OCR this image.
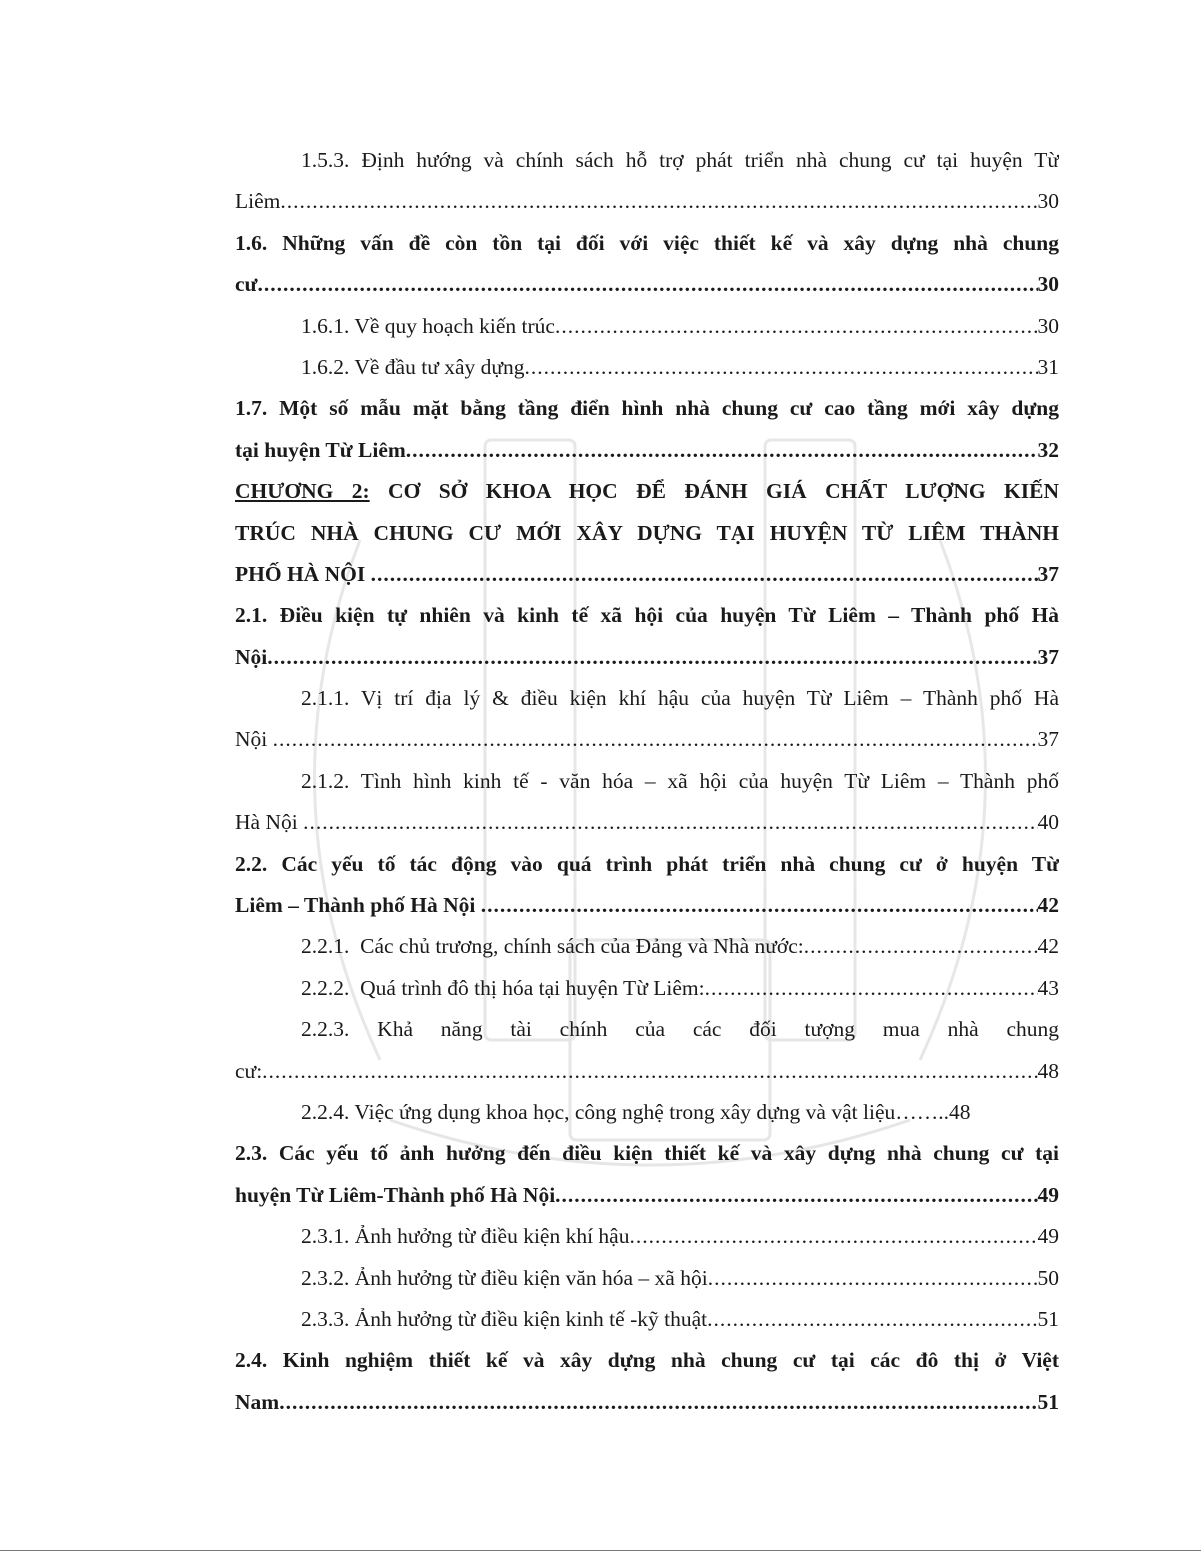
1.5.3. Định hướng và chính sách hỗ trợ phát triển nhà chung cư tại huyện Từ
Liêm .....	30
1.6. Những vấn đề còn tồn tại đối với việc thiết kế và xây dựng nhà chung
cư .....	30
1.6.1. Về quy hoạch kiến trúc .....	30
1.6.2. Về đầu tư xây dựng .....	31
1.7. Một số mẫu mặt bằng tầng điển hình nhà chung cư cao tầng mới xây dựng
tại huyện Từ Liêm .....	32
CHƯƠNG 2: CƠ SỞ KHOA HỌC ĐỂ ĐÁNH GIÁ CHẤT LƯỢNG KIẾN
TRÚC NHÀ CHUNG CƯ MỚI XÂY DỰNG TẠI HUYỆN TỪ LIÊM THÀNH
PHỐ HÀ NỘI .....	37
2.1. Điều kiện tự nhiên và kinh tế xã hội của huyện Từ Liêm – Thành phố Hà
Nội .....	37
2.1.1. Vị trí địa lý & điều kiện khí hậu của huyện Từ Liêm – Thành phố Hà
Nội .....	37
2.1.2. Tình hình kinh tế - văn hóa – xã hội của huyện Từ Liêm – Thành phố
Hà Nội .....	40
2.2. Các yếu tố tác động vào quá trình phát triển nhà chung cư ở huyện Từ
Liêm – Thành phố Hà Nội .....	42
2.2.1.  Các chủ trương, chính sách của Đảng và Nhà nước: .....	42
2.2.2.  Quá trình đô thị hóa tại huyện Từ Liêm: .....	43
2.2.3. Khả năng tài chính của các đối tượng mua nhà chung
cư: .....	48
2.2.4. Việc ứng dụng khoa học, công nghệ trong xây dựng và vật liệu……..48
2.3. Các yếu tố ảnh hưởng đến điều kiện thiết kế và xây dựng nhà chung cư tại
huyện Từ Liêm-Thành phố Hà Nội .....	49
2.3.1. Ảnh hưởng từ điều kiện khí hậu .....	49
2.3.2. Ảnh hưởng từ điều kiện văn hóa – xã hội .....	50
2.3.3. Ảnh hưởng từ điều kiện kinh tế -kỹ thuật .....	51
2.4. Kinh nghiệm thiết kế và xây dựng nhà chung cư tại các đô thị ở Việt
Nam .....	51
